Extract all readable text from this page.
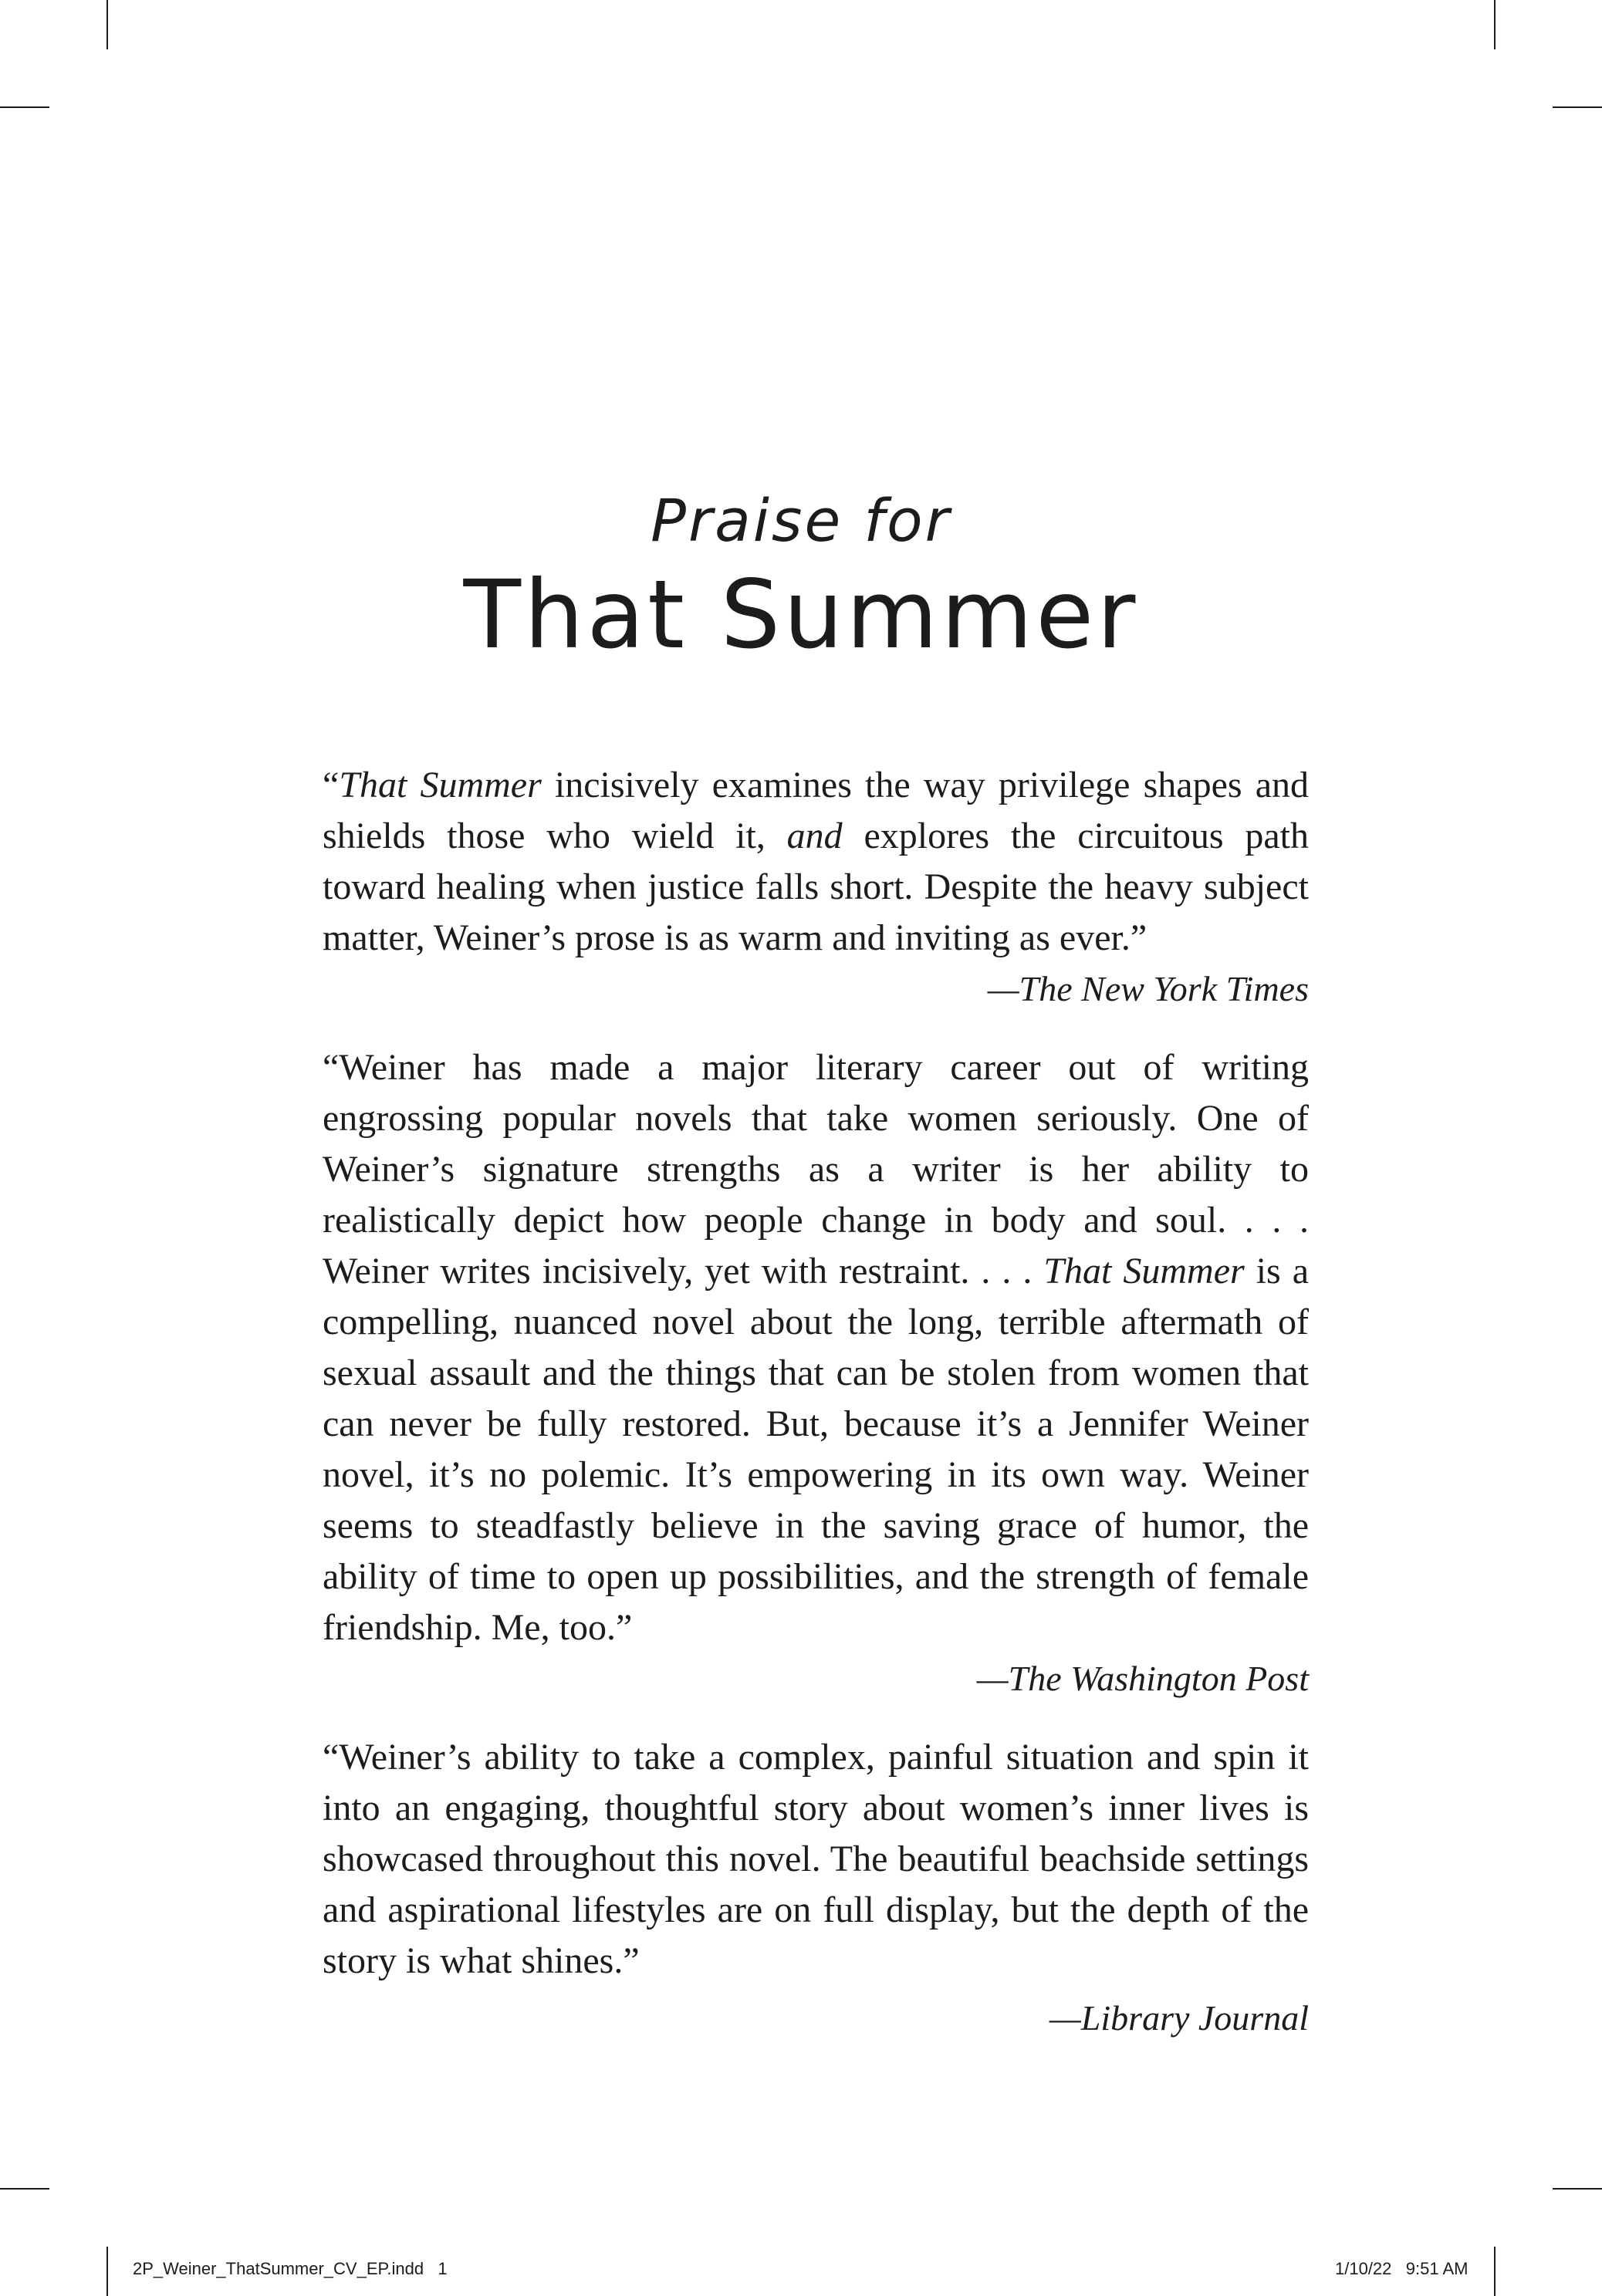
Praise for
That Summer

“That Summer incisively examines the way privilege shapes and shields those who wield it, and explores the circuitous path toward healing when justice falls short. Despite the heavy subject matter, Weiner’s prose is as warm and inviting as ever.”

—The New York Times

“Weiner has made a major literary career out of writing engrossing popular novels that take women seriously. One of Weiner’s signature strengths as a writer is her ability to realistically depict how people change in body and soul. . . . Weiner writes incisively, yet with restraint. . . . That Summer is a compelling, nuanced novel about the long, terrible aftermath of sexual assault and the things that can be stolen from women that can never be fully restored. But, because it’s a Jennifer Weiner novel, it’s no polemic. It’s empowering in its own way. Weiner seems to steadfastly believe in the saving grace of humor, the ability of time to open up possibilities, and the strength of female friendship. Me, too.”

—The Washington Post

“Weiner’s ability to take a complex, painful situation and spin it into an engaging, thoughtful story about women’s inner lives is showcased throughout this novel. The beautiful beachside settings and aspirational lifestyles are on full display, but the depth of the story is what shines.”

—Library Journal

2P_Weiner_ThatSummer_CV_EP.indd   1	1/10/22   9:51 AM
